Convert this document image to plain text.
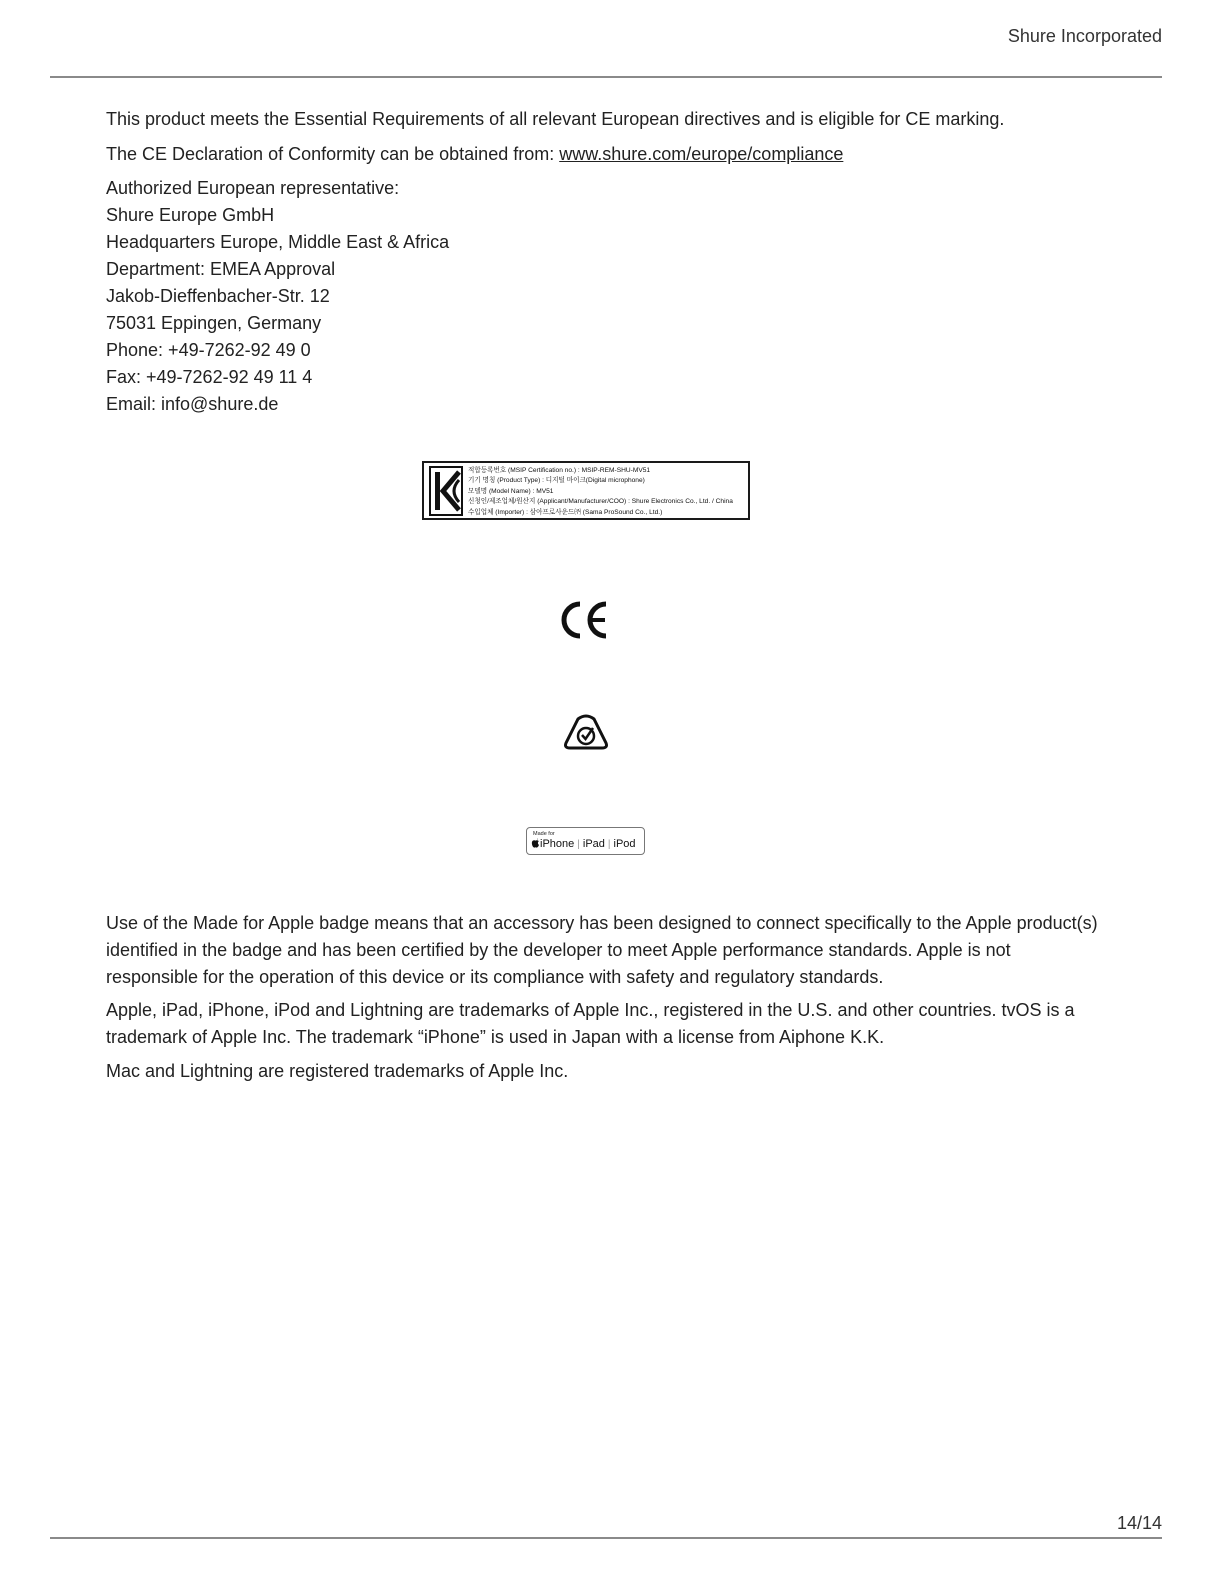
Shure Incorporated
This product meets the Essential Requirements of all relevant European directives and is eligible for CE marking.
The CE Declaration of Conformity can be obtained from: www.shure.com/europe/compliance
Authorized European representative:
Shure Europe GmbH
Headquarters Europe, Middle East & Africa
Department: EMEA Approval
Jakob-Dieffenbacher-Str. 12
75031 Eppingen, Germany
Phone: +49-7262-92 49 0
Fax: +49-7262-92 49 11 4
Email: info@shure.de
적합등록번호 (MSIP Certification no.) : MSIP-REM-SHU-MV51
기기 명칭 (Product Type) : 디지털 마이크(Digital microphone)
모델명 (Model Name) : MV51
신청인/제조업체/원산지 (Applicant/Manufacturer/COO) : Shure Electronics Co., Ltd. / China
수입업체 (Importer) : 삼아프로사운드㈜ (Sama ProSound Co., Ltd.)
Made for
iPhone | iPad | iPod
Use of the Made for Apple badge means that an accessory has been designed to connect specifically to the Apple product(s) identified in the badge and has been certified by the developer to meet Apple performance standards. Apple is not responsible for the operation of this device or its compliance with safety and regulatory standards.
Apple, iPad, iPhone, iPod and Lightning are trademarks of Apple Inc., registered in the U.S. and other countries. tvOS is a trademark of Apple Inc. The trademark “iPhone” is used in Japan with a license from Aiphone K.K.
Mac and Lightning are registered trademarks of Apple Inc.
14/14
